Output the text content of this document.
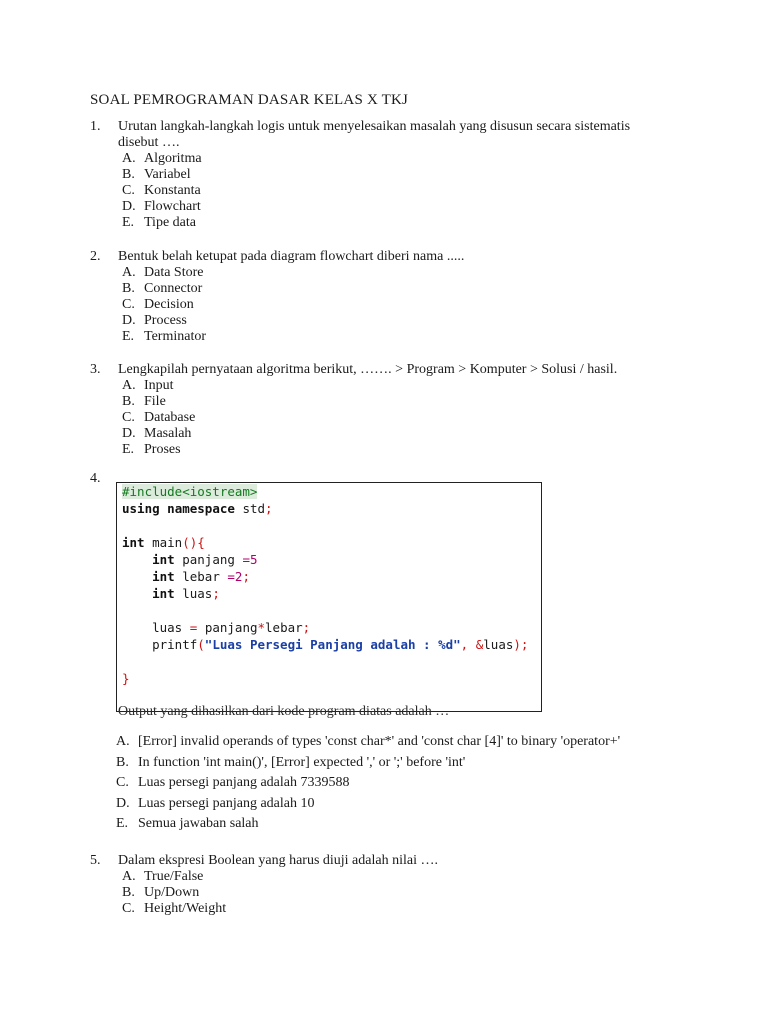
SOAL PEMROGRAMAN DASAR KELAS X TKJ
1.	Urutan langkah-langkah logis untuk menyelesaikan masalah yang disusun secara sistematis
disebut ….
A. Algoritma
B. Variabel
C. Konstanta
D. Flowchart
E. Tipe data
2.	Bentuk belah ketupat pada diagram flowchart diberi nama .....
A. Data Store
B. Connector
C. Decision
D. Process
E. Terminator
3.	Lengkapilah pernyataan algoritma berikut, ……. > Program > Komputer > Solusi / hasil.
A. Input
B. File
C. Database
D. Masalah
E. Proses
4.
#include<iostream>
using namespace std;
int main(){
int panjang =5
int lebar =2;
int luas;
luas = panjang*lebar;
printf("Luas Persegi Panjang adalah : %d", &luas);
}
Output yang dihasilkan dari kode program diatas adalah …
A. [Error] invalid operands of types 'const char*' and 'const char [4]' to binary 'operator+'
B. In function 'int main()', [Error] expected ',' or ';' before 'int'
C. Luas persegi panjang adalah 7339588
D. Luas persegi panjang adalah 10
E. Semua jawaban salah
5.	Dalam ekspresi Boolean yang harus diuji adalah nilai ….
A. True/False
B. Up/Down
C. Height/Weight
